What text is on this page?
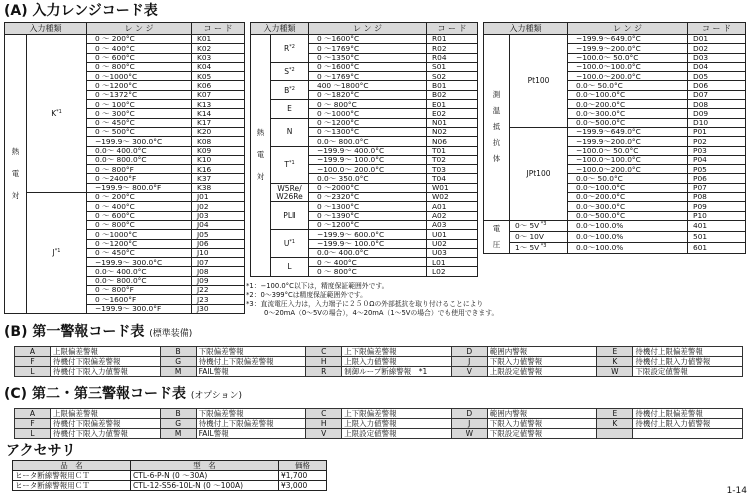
(A) 入力レンジコード表
入力種類		レ ン ジ	コ ー ド

熱
電
対	$K^{*1}$	0 ～ 200°C	K01
		0 ～ 400°C	K02
		0 ～ 600°C	K03
		0 ～ 800°C	K04
		0 ～1000°C	K05
		0 ～1200°C	K06
		0 ～1372°C	K07
		0 ～ 100°C	K13
		0 ～ 300°C	K14
		0 ～ 450°C	K17
		0 ～ 500°C	K20
		−199.9～ 300.0°C	K08
		0.0～ 400.0°C	K09
		0.0～ 800.0°C	K10
		0 ～ 800°F	K16
		0 ～2400°F	K37
		−199.9～ 800.0°F	K38
	$J^{*1}$	0 ～ 200°C	J01
		0 ～ 400°C	J02
		0 ～ 600°C	J03
		0 ～ 800°C	J04
		0 ～1000°C	J05
		0 ～1200°C	J06
		0 ～ 450°C	J10
		−199.9～ 300.0°C	J07
		0.0～ 400.0°C	J08
		0.0～ 800.0°C	J09
		0 ～ 800°F	J22
		0 ～1600°F	J23
		−199.9～ 300.0°F	J30
入力種類		レ ン ジ	コ ー ド

熱
電
対	$R^{*2}$	0 ～1600°C	R01
		0 ～1769°C	R02
		0 ～1350°C	R04
	$S^{*2}$	0 ～1600°C	S01
		0 ～1769°C	S02
	$B^{*2}$	400 ～1800°C	B01
		0 ～1820°C	B02
	E	0 ～ 800°C	E01
		0 ～1000°C	E02
	N	0 ～1200°C	N01
		0 ～1300°C	N02
		0.0～ 800.0°C	N06
	$T^{*1}$	−199.9～ 400.0°C	T01
		−199.9～ 100.0°C	T02
		−100.0～ 200.0°C	T03
		0.0～ 350.0°C	T04
	W5Re/
W26Re	0 ～2000°C	W01
		0 ～2320°C	W02
	PLⅡ	0 ～1300°C	A01
		0 ～1390°C	A02
		0 ～1200°C	A03
	$U^{*1}$	−199.9～ 600.0°C	U01
		−199.9～ 100.0°C	U02
		0.0～ 400.0°C	U03
	L	0 ～ 400°C	L01
		0 ～ 800°C	L02
入力種類		レ ン ジ	コ ー ド

測
温
抵
抗
体	Pt100	−199.9～649.0°C	D01
		−199.9～200.0°C	D02
		−100.0～ 50.0°C	D03
		−100.0～100.0°C	D04
		−100.0～200.0°C	D05
		0.0～ 50.0°C	D06
		0.0～100.0°C	D07
		0.0～200.0°C	D08
		0.0～300.0°C	D09
		0.0～500.0°C	D10
	JPt100	−199.9～649.0°C	P01
		−199.9～200.0°C	P02
		−100.0～ 50.0°C	P03
		−100.0～100.0°C	P04
		−100.0～200.0°C	P05
		0.0～ 50.0°C	P06
		0.0～100.0°C	P07
		0.0～200.0°C	P08
		0.0～300.0°C	P09
		0.0～500.0°C	P10

電
圧	0～ 5V $^{*3}$	0.0～100.0%	401
	0～ 10V	0.0～100.0%	501
	1～ 5V $^{*3}$	0.0～100.0%	601
*1：−100.0°C以下は，精度保証範囲外です。
*2：0～399°Cは精度保証範囲外です。
*3：直流電圧入力は，入力端子に２５０Ωの外部抵抗を取り付けることにより
0～20mA（0～5Vの場合），4～20mA（1～5Vの場合）でも使用できます。
(B) 第一警報コード表 (標準装備)
A	上限偏差警報	B	下限偏差警報	C	上下限偏差警報	D	範囲内警報	E	待機付上限偏差警報
F	待機付下限偏差警報	G	待機付上下限偏差警報	H	上限入力値警報	J	下限入力値警報	K	待機付上限入力値警報
L	待機付下限入力値警報	M	FAIL警報	R	制御ループ断線警報　*1	V	上限設定値警報	W	下限設定値警報
(C) 第二・第三警報コード表 (オプション)
A	上限偏差警報	B	下限偏差警報	C	上下限偏差警報	D	範囲内警報	E	待機付上限偏差警報
F	待機付下限偏差警報	G	待機付上下限偏差警報	H	上限入力値警報	J	下限入力値警報	K	待機付上限入力値警報
L	待機付下限入力値警報	M	FAIL警報	V	上限設定値警報	W	下限設定値警報		
アクセサリ
品　名	型　名	価格
ヒータ断線警報用ＣＴ	CTL-6-P-N (0 ～30A)	¥1,700
ヒータ断線警報用ＣＴ	CTL-12-S56-10L-N (0 ～100A)	¥3,000
1-14
